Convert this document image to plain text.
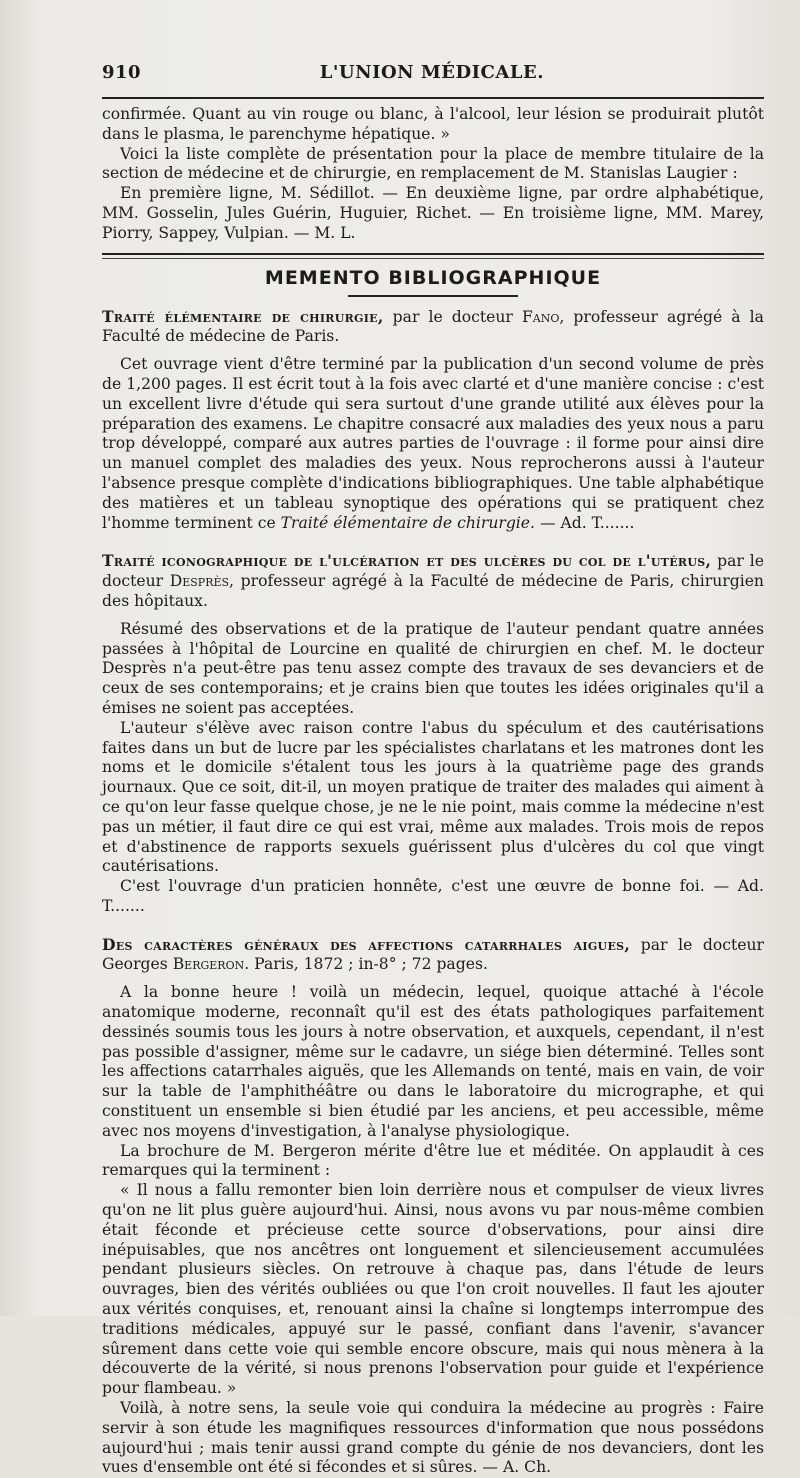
910	L'UNION MÉDICALE.

confirmée. Quant au vin rouge ou blanc, à l'alcool, leur lésion se produirait plutôt dans le plasma, le parenchyme hépatique. »

Voici la liste complète de présentation pour la place de membre titulaire de la section de médecine et de chirurgie, en remplacement de M. Stanislas Laugier :

En première ligne, M. Sédillot. — En deuxième ligne, par ordre alphabétique, MM. Gosselin, Jules Guérin, Huguier, Richet. — En troisième ligne, MM. Marey, Piorry, Sappey, Vulpian. — M. L.

MEMENTO BIBLIOGRAPHIQUE
Traité élémentaire de chirurgie, par le docteur Fano, professeur agrégé à la Faculté de médecine de Paris.

Cet ouvrage vient d'être terminé par la publication d'un second volume de près de 1,200 pages. Il est écrit tout à la fois avec clarté et d'une manière concise : c'est un excellent livre d'étude qui sera surtout d'une grande utilité aux élèves pour la préparation des examens. Le chapitre consacré aux maladies des yeux nous a paru trop développé, comparé aux autres parties de l'ouvrage : il forme pour ainsi dire un manuel complet des maladies des yeux. Nous reprocherons aussi à l'auteur l'absence presque complète d'indications bibliographiques. Une table alphabétique des matières et un tableau synoptique des opérations qui se pratiquent chez l'homme terminent ce Traité élémentaire de chirurgie. — Ad. T.......

Traité iconographique de l'ulcération et des ulcères du col de l'utérus, par le docteur Desprès, professeur agrégé à la Faculté de médecine de Paris, chirurgien des hôpitaux.

Résumé des observations et de la pratique de l'auteur pendant quatre années passées à l'hôpital de Lourcine en qualité de chirurgien en chef. M. le docteur Desprès n'a peut-être pas tenu assez compte des travaux de ses devanciers et de ceux de ses contemporains; et je crains bien que toutes les idées originales qu'il a émises ne soient pas acceptées.

L'auteur s'élève avec raison contre l'abus du spéculum et des cautérisations faites dans un but de lucre par les spécialistes charlatans et les matrones dont les noms et le domicile s'étalent tous les jours à la quatrième page des grands journaux. Que ce soit, dit-il, un moyen pratique de traiter des malades qui aiment à ce qu'on leur fasse quelque chose, je ne le nie point, mais comme la médecine n'est pas un métier, il faut dire ce qui est vrai, même aux malades. Trois mois de repos et d'abstinence de rapports sexuels guérissent plus d'ulcères du col que vingt cautérisations.

C'est l'ouvrage d'un praticien honnête, c'est une œuvre de bonne foi. — Ad. T.......

Des caractères généraux des affections catarrhales aigues, par le docteur Georges Bergeron. Paris, 1872 ; in-8° ; 72 pages.

A la bonne heure ! voilà un médecin, lequel, quoique attaché à l'école anatomique moderne, reconnaît qu'il est des états pathologiques parfaitement dessinés soumis tous les jours à notre observation, et auxquels, cependant, il n'est pas possible d'assigner, même sur le cadavre, un siége bien déterminé. Telles sont les affections catarrhales aiguës, que les Allemands on tenté, mais en vain, de voir sur la table de l'amphithéâtre ou dans le laboratoire du micrographe, et qui constituent un ensemble si bien étudié par les anciens, et peu accessible, même avec nos moyens d'investigation, à l'analyse physiologique.

La brochure de M. Bergeron mérite d'être lue et méditée. On applaudit à ces remarques qui la terminent :

« Il nous a fallu remonter bien loin derrière nous et compulser de vieux livres qu'on ne lit plus guère aujourd'hui. Ainsi, nous avons vu par nous-même combien était féconde et précieuse cette source d'observations, pour ainsi dire inépuisables, que nos ancêtres ont longuement et silencieusement accumulées pendant plusieurs siècles. On retrouve à chaque pas, dans l'étude de leurs ouvrages, bien des vérités oubliées ou que l'on croit nouvelles. Il faut les ajouter aux vérités conquises, et, renouant ainsi la chaîne si longtemps interrompue des traditions médicales, appuyé sur le passé, confiant dans l'avenir, s'avancer sûrement dans cette voie qui semble encore obscure, mais qui nous mènera à la découverte de la vérité, si nous prenons l'observation pour guide et l'expérience pour flambeau. »

Voilà, à notre sens, la seule voie qui conduira la médecine au progrès : Faire servir à son étude les magnifiques ressources d'information que nous possédons aujourd'hui ; mais tenir aussi grand compte du génie de nos devanciers, dont les vues d'ensemble ont été si fécondes et si sûres. — A. Ch.
